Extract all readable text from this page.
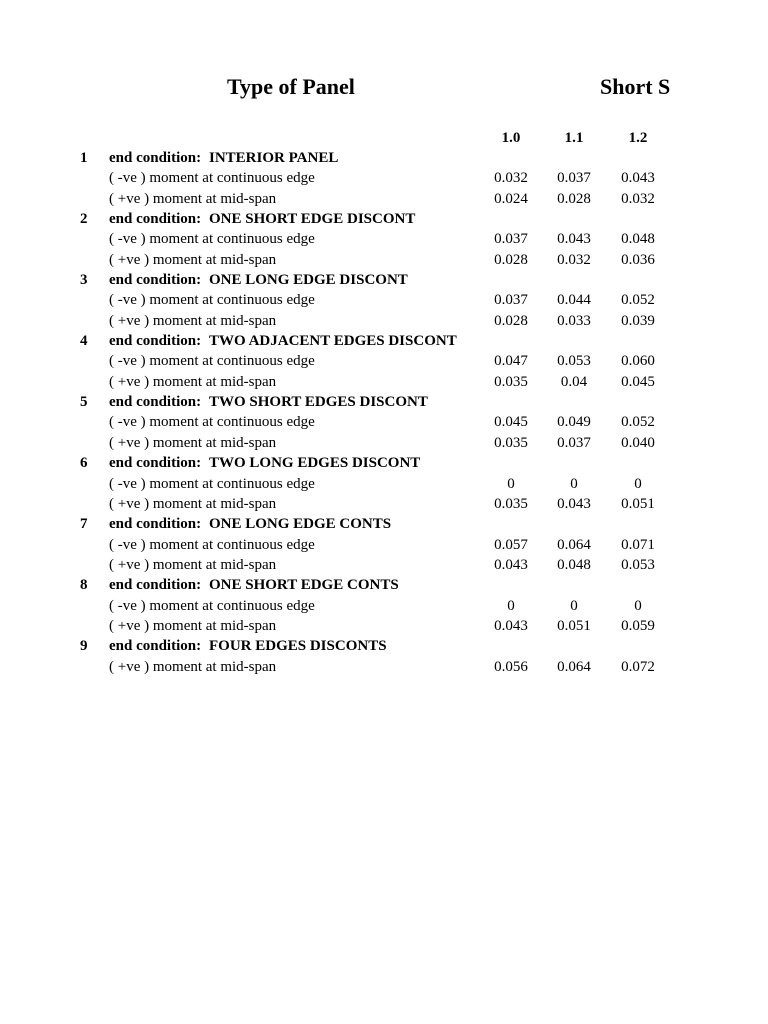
Type of Panel	Short S
1.0	1.1	1.2
1 end condition: INTERIOR PANEL
( -ve ) moment at continuous edge	0.032	0.037	0.043
( +ve ) moment at mid-span	0.024	0.028	0.032
2 end condition: ONE SHORT EDGE DISCONT
( -ve ) moment at continuous edge	0.037	0.043	0.048
( +ve ) moment at mid-span	0.028	0.032	0.036
3 end condition: ONE LONG EDGE DISCONT
( -ve ) moment at continuous edge	0.037	0.044	0.052
( +ve ) moment at mid-span	0.028	0.033	0.039
4 end condition: TWO ADJACENT EDGES DISCONT
( -ve ) moment at continuous edge	0.047	0.053	0.060
( +ve ) moment at mid-span	0.035	0.04	0.045
5 end condition: TWO SHORT EDGES DISCONT
( -ve ) moment at continuous edge	0.045	0.049	0.052
( +ve ) moment at mid-span	0.035	0.037	0.040
6 end condition: TWO LONG EDGES DISCONT
( -ve ) moment at continuous edge	0	0	0
( +ve ) moment at mid-span	0.035	0.043	0.051
7 end condition: ONE LONG EDGE CONTS
( -ve ) moment at continuous edge	0.057	0.064	0.071
( +ve ) moment at mid-span	0.043	0.048	0.053
8 end condition: ONE SHORT EDGE CONTS
( -ve ) moment at continuous edge	0	0	0
( +ve ) moment at mid-span	0.043	0.051	0.059
9 end condition: FOUR EDGES DISCONTS
( +ve ) moment at mid-span	0.056	0.064	0.072
